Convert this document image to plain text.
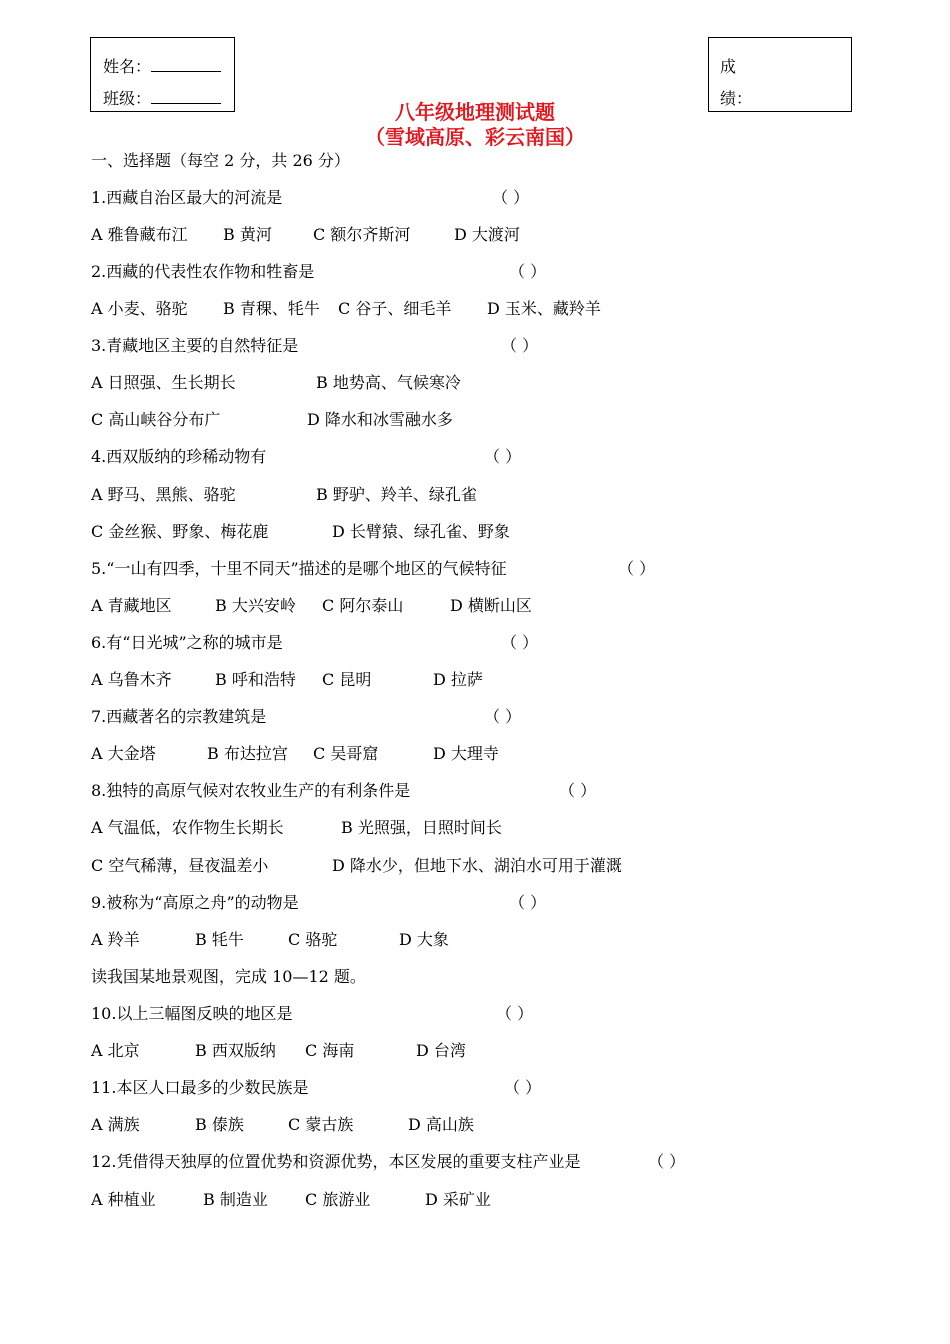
姓名：
班级：
成
绩：
八年级地理测试题
（雪域高原、彩云南国）
一、选择题（每空 2 分，共 26 分）
1.西藏自治区最大的河流是	（ ）
A 雅鲁藏布江 B 黄河	C 额尔齐斯河	D 大渡河
2.西藏的代表性农作物和牲畜是	（ ）
A 小麦、骆驼 B 青稞、牦牛 C 谷子、细毛羊 D 玉米、藏羚羊
3.青藏地区主要的自然特征是	（ ）
A 日照强、生长期长	B 地势高、气候寒冷
C 高山峡谷分布广	D 降水和冰雪融水多
4.西双版纳的珍稀动物有	（ ）
A 野马、黑熊、骆驼	B 野驴、羚羊、绿孔雀
C 金丝猴、野象、梅花鹿	D 长臂猿、绿孔雀、野象
5.“一山有四季，十里不同天”描述的是哪个地区的气候特征	（ ）
A 青藏地区	B 大兴安岭 C 阿尔泰山	D 横断山区
6.有“日光城”之称的城市是	（ ）
A 乌鲁木齐	B 呼和浩特 C 昆明	D 拉萨
7.西藏著名的宗教建筑是	（ ）
A 大金塔	B 布达拉宫 C 吴哥窟	D 大理寺
8.独特的高原气候对农牧业生产的有利条件是	（ ）
A 气温低，农作物生长期长	B 光照强，日照时间长
C 空气稀薄，昼夜温差小	D 降水少，但地下水、湖泊水可用于灌溉
9.被称为“高原之舟”的动物是	（ ）
A 羚羊	B 牦牛	C 骆驼	D 大象
读我国某地景观图，完成 10—12 题。
10.以上三幅图反映的地区是	（ ）
A 北京	B 西双版纳 C 海南	D 台湾
11.本区人口最多的少数民族是	（ ）
A 满族	B 傣族	C 蒙古族	D 高山族
12.凭借得天独厚的位置优势和资源优势，本区发展的重要支柱产业是	（ ）
A 种植业	B 制造业 C 旅游业	D 采矿业
